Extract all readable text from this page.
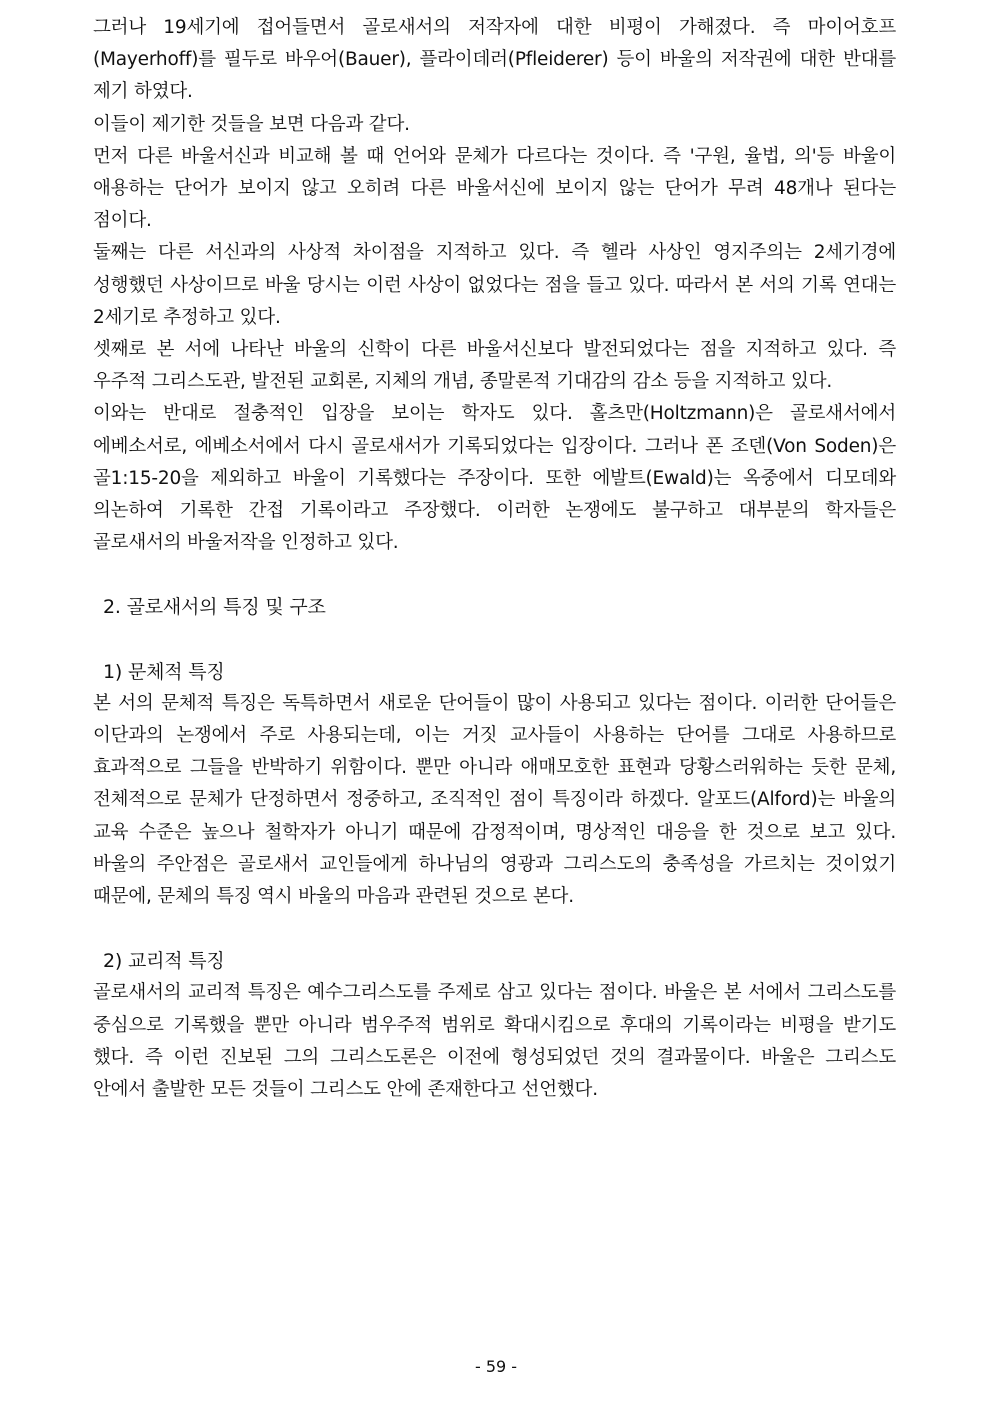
그러나 19세기에 접어들면서 골로새서의 저작자에 대한 비평이 가해졌다. 즉 마이어호프(Mayerhoff)를 필두로 바우어(Bauer), 플라이데러(Pfleiderer) 등이 바울의 저작권에 대한 반대를 제기 하였다.

이들이 제기한 것들을 보면 다음과 같다.

먼저 다른 바울서신과 비교해 볼 때 언어와 문체가 다르다는 것이다. 즉 '구원, 율법, 의'등 바울이 애용하는 단어가 보이지 않고 오히려 다른 바울서신에 보이지 않는 단어가 무려 48개나 된다는 점이다.

둘째는 다른 서신과의 사상적 차이점을 지적하고 있다. 즉 헬라 사상인 영지주의는 2세기경에 성행했던 사상이므로 바울 당시는 이런 사상이 없었다는 점을 들고 있다. 따라서 본 서의 기록 연대는 2세기로 추정하고 있다.

셋째로 본 서에 나타난 바울의 신학이 다른 바울서신보다 발전되었다는 점을 지적하고 있다. 즉 우주적 그리스도관, 발전된 교회론, 지체의 개념, 종말론적 기대감의 감소 등을 지적하고 있다.

이와는 반대로 절충적인 입장을 보이는 학자도 있다. 홀츠만(Holtzmann)은 골로새서에서 에베소서로, 에베소서에서 다시 골로새서가 기록되었다는 입장이다. 그러나 폰 조덴(Von Soden)은 골1:15-20을 제외하고 바울이 기록했다는 주장이다. 또한 에발트(Ewald)는 옥중에서 디모데와 의논하여 기록한 간접 기록이라고 주장했다. 이러한 논쟁에도 불구하고 대부분의 학자들은 골로새서의 바울저작을 인정하고 있다.

2. 골로새서의 특징 및 구조
1) 문체적 특징

본 서의 문체적 특징은 독특하면서 새로운 단어들이 많이 사용되고 있다는 점이다. 이러한 단어들은 이단과의 논쟁에서 주로 사용되는데, 이는 거짓 교사들이 사용하는 단어를 그대로 사용하므로 효과적으로 그들을 반박하기 위함이다. 뿐만 아니라 애매모호한 표현과 당황스러워하는 듯한 문체, 전체적으로 문체가 단정하면서 정중하고, 조직적인 점이 특징이라 하겠다. 알포드(Alford)는 바울의 교육 수준은 높으나 철학자가 아니기 때문에 감정적이며, 명상적인 대응을 한 것으로 보고 있다. 바울의 주안점은 골로새서 교인들에게 하나님의 영광과 그리스도의 충족성을 가르치는 것이었기 때문에, 문체의 특징 역시 바울의 마음과 관련된 것으로 본다.

2) 교리적 특징

골로새서의 교리적 특징은 예수그리스도를 주제로 삼고 있다는 점이다. 바울은 본 서에서 그리스도를 중심으로 기록했을 뿐만 아니라 범우주적 범위로 확대시킴으로 후대의 기록이라는 비평을 받기도 했다. 즉 이런 진보된 그의 그리스도론은 이전에 형성되었던 것의 결과물이다. 바울은 그리스도 안에서 출발한 모든 것들이 그리스도 안에 존재한다고 선언했다.

- 59 -
